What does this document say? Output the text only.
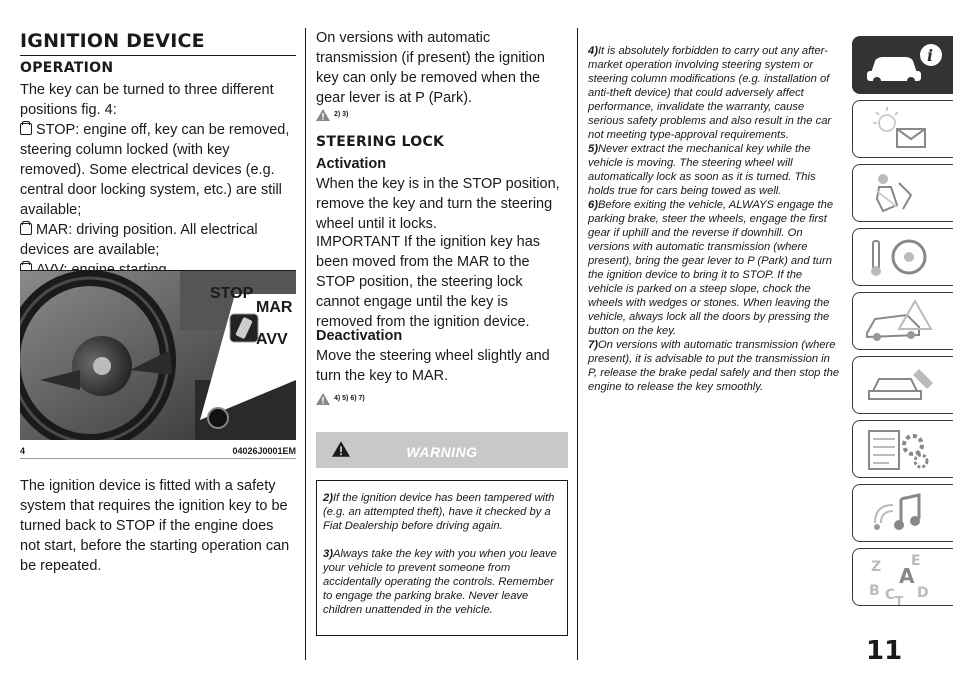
IGNITION DEVICE
OPERATION
The key can be turned to three different positions fig. 4:
STOP: engine off, key can be removed, steering column locked (with key removed). Some electrical devices (e.g. central door locking system, etc.) are still available;
MAR: driving position. All electrical devices are available;

STOP
MAR
AVV
4	04026J0001EM
The ignition device is fitted with a safety system that requires the ignition key to be turned back to STOP if the engine does not start, before the starting operation can be repeated.
On versions with automatic transmission (if present) the ignition key can only be removed when the gear lever is at P (Park).
2) 3)
STEERING LOCK
Activation
When the key is in the STOP position, remove the key and turn the steering wheel until it locks.
IMPORTANT If the ignition key has been moved from the MAR to the STOP position, the steering lock cannot engage until the key is removed from the ignition device.
Deactivation
Move the steering wheel slightly and turn the key to MAR.
4) 5) 6) 7)
WARNING
2)If the ignition device has been tampered with (e.g. an attempted theft), have it checked by a Fiat Dealership before driving again.
3)Always take the key with you when you leave your vehicle to prevent someone from accidentally operating the controls. Remember to engage the parking brake. Never leave children unattended in the vehicle.
4)It is absolutely forbidden to carry out any after-market operation involving steering system or steering column modifications (e.g. installation of anti-theft device) that could adversely affect performance, invalidate the warranty, cause serious safety problems and also result in the car not meeting type-approval requirements.
5)Never extract the mechanical key while the vehicle is moving. The steering wheel will automatically lock as soon as it is turned. This holds true for cars being towed as well.
6)Before exiting the vehicle, ALWAYS engage the parking brake, steer the wheels, engage the first gear if uphill and the reverse if downhill. On versions with automatic transmission (where present), bring the gear lever to P (Park) and turn the ignition device to bring it to STOP. If the vehicle is parked on a steep slope, chock the wheels with wedges or stones. When leaving the vehicle, always lock all the doors by pressing the button on the key.
7)On versions with automatic transmission (where present), it is advisable to put the transmission in P, release the brake pedal safely and then stop the engine to release the key smoothly.
i
Z E
B
A
C D
T
11
